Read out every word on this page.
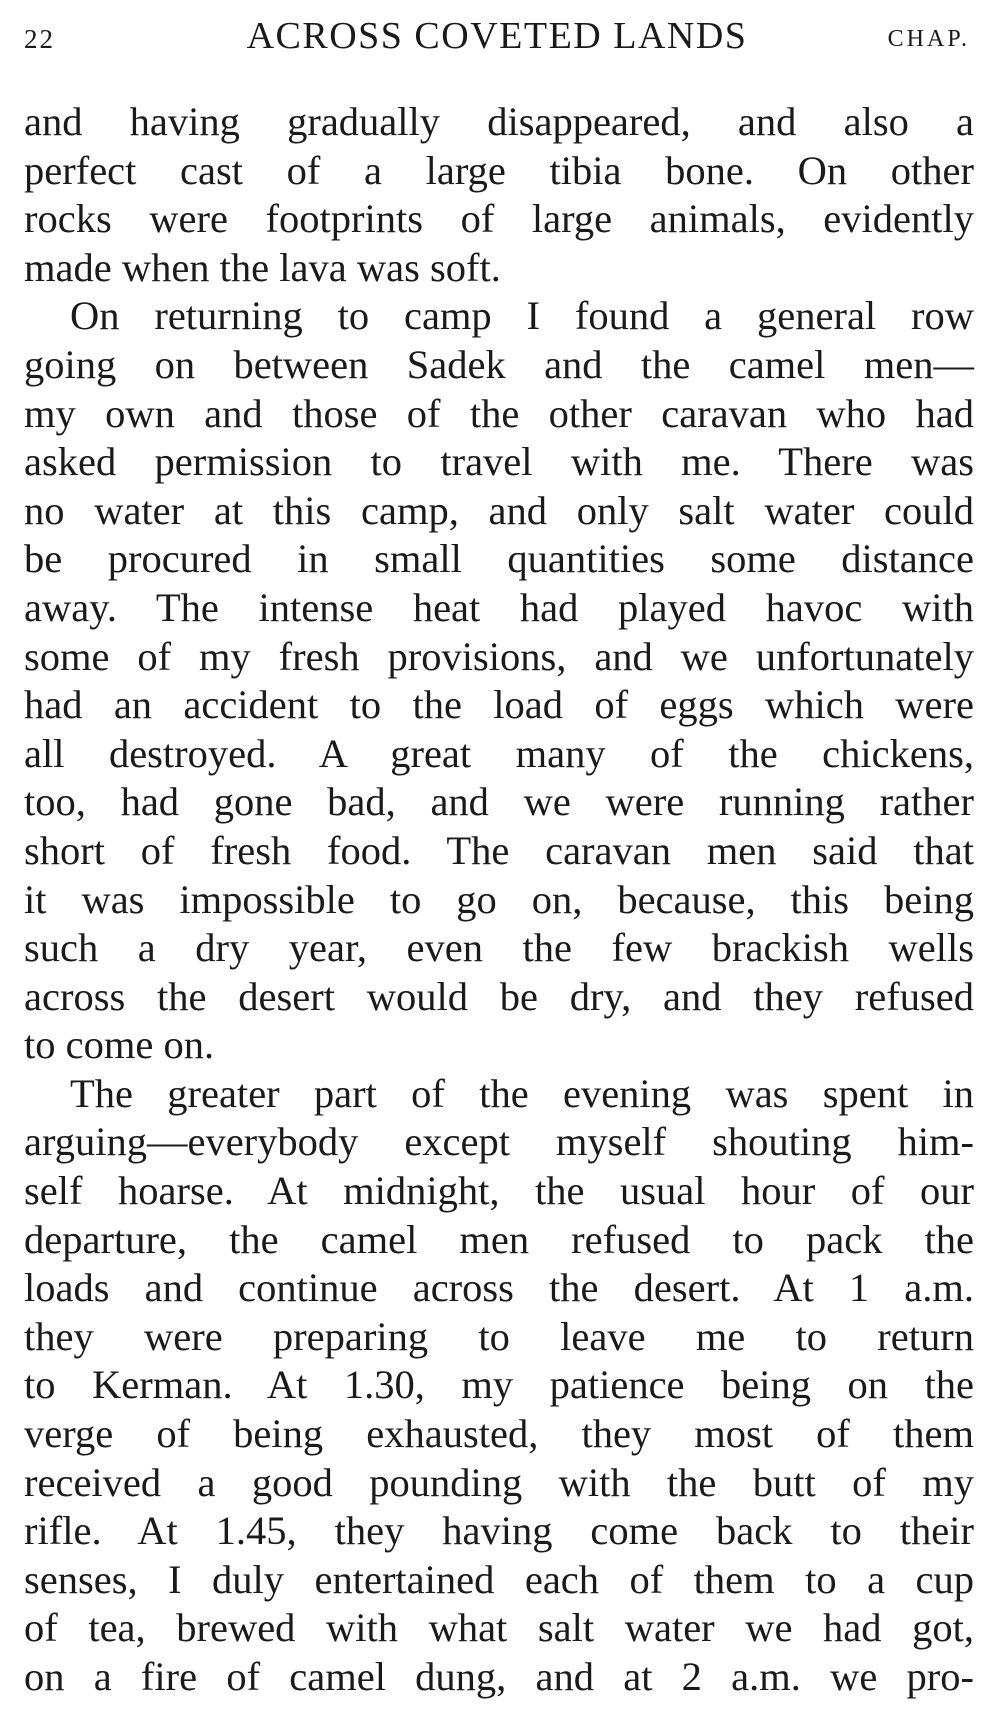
22	ACROSS COVETED LANDS	CHAP.
and having gradually disappeared, and also a
perfect cast of a large tibia bone. On other
rocks were footprints of large animals, evidently
made when the lava was soft.
On returning to camp I found a general row
going on between Sadek and the camel men—
my own and those of the other caravan who had
asked permission to travel with me. There was
no water at this camp, and only salt water could
be procured in small quantities some distance
away. The intense heat had played havoc with
some of my fresh provisions, and we unfortunately
had an accident to the load of eggs which were
all destroyed. A great many of the chickens,
too, had gone bad, and we were running rather
short of fresh food. The caravan men said that
it was impossible to go on, because, this being
such a dry year, even the few brackish wells
across the desert would be dry, and they refused
to come on.
The greater part of the evening was spent in
arguing—everybody except myself shouting him-
self hoarse. At midnight, the usual hour of our
departure, the camel men refused to pack the
loads and continue across the desert. At 1 a.m.
they were preparing to leave me to return
to Kerman. At 1.30, my patience being on the
verge of being exhausted, they most of them
received a good pounding with the butt of my
rifle. At 1.45, they having come back to their
senses, I duly entertained each of them to a cup
of tea, brewed with what salt water we had got,
on a fire of camel dung, and at 2 a.m. we pro-
